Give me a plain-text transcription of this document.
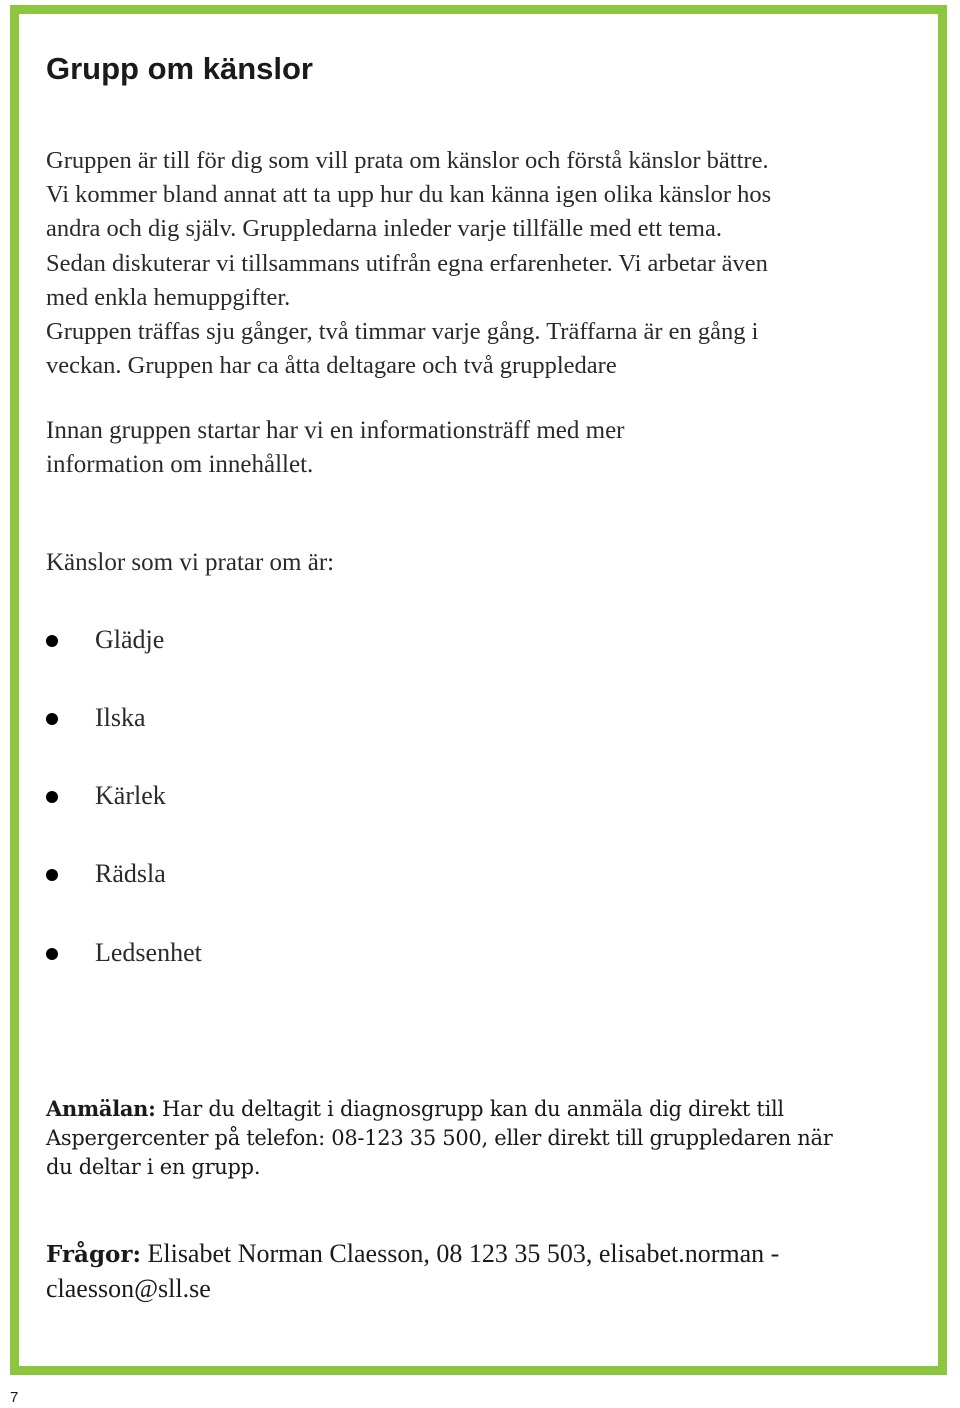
Grupp om känslor
Gruppen är till för dig som vill prata om känslor och förstå känslor bättre.
Vi kommer bland annat att ta upp hur du kan känna igen olika känslor hos
andra och dig själv. Gruppledarna inleder varje tillfälle med ett tema.
Sedan diskuterar vi tillsammans utifrån egna erfarenheter. Vi arbetar även
med enkla hemuppgifter.
Gruppen träffas sju gånger, två timmar varje gång. Träffarna är en gång i
veckan. Gruppen har ca åtta deltagare och två gruppledare
Innan gruppen startar har vi en informationsträff med mer
information om innehållet.
Känslor som vi pratar om är:
Glädje
Ilska
Kärlek
Rädsla
Ledsenhet
Anmälan: Har du deltagit i diagnosgrupp kan du anmäla dig direkt till
Aspergercenter på telefon: 08-123 35 500, eller direkt till gruppledaren när
du deltar i en grupp.
Frågor: Elisabet Norman Claesson, 08 123 35 503, elisabet.norman -
claesson@sll.se
7
